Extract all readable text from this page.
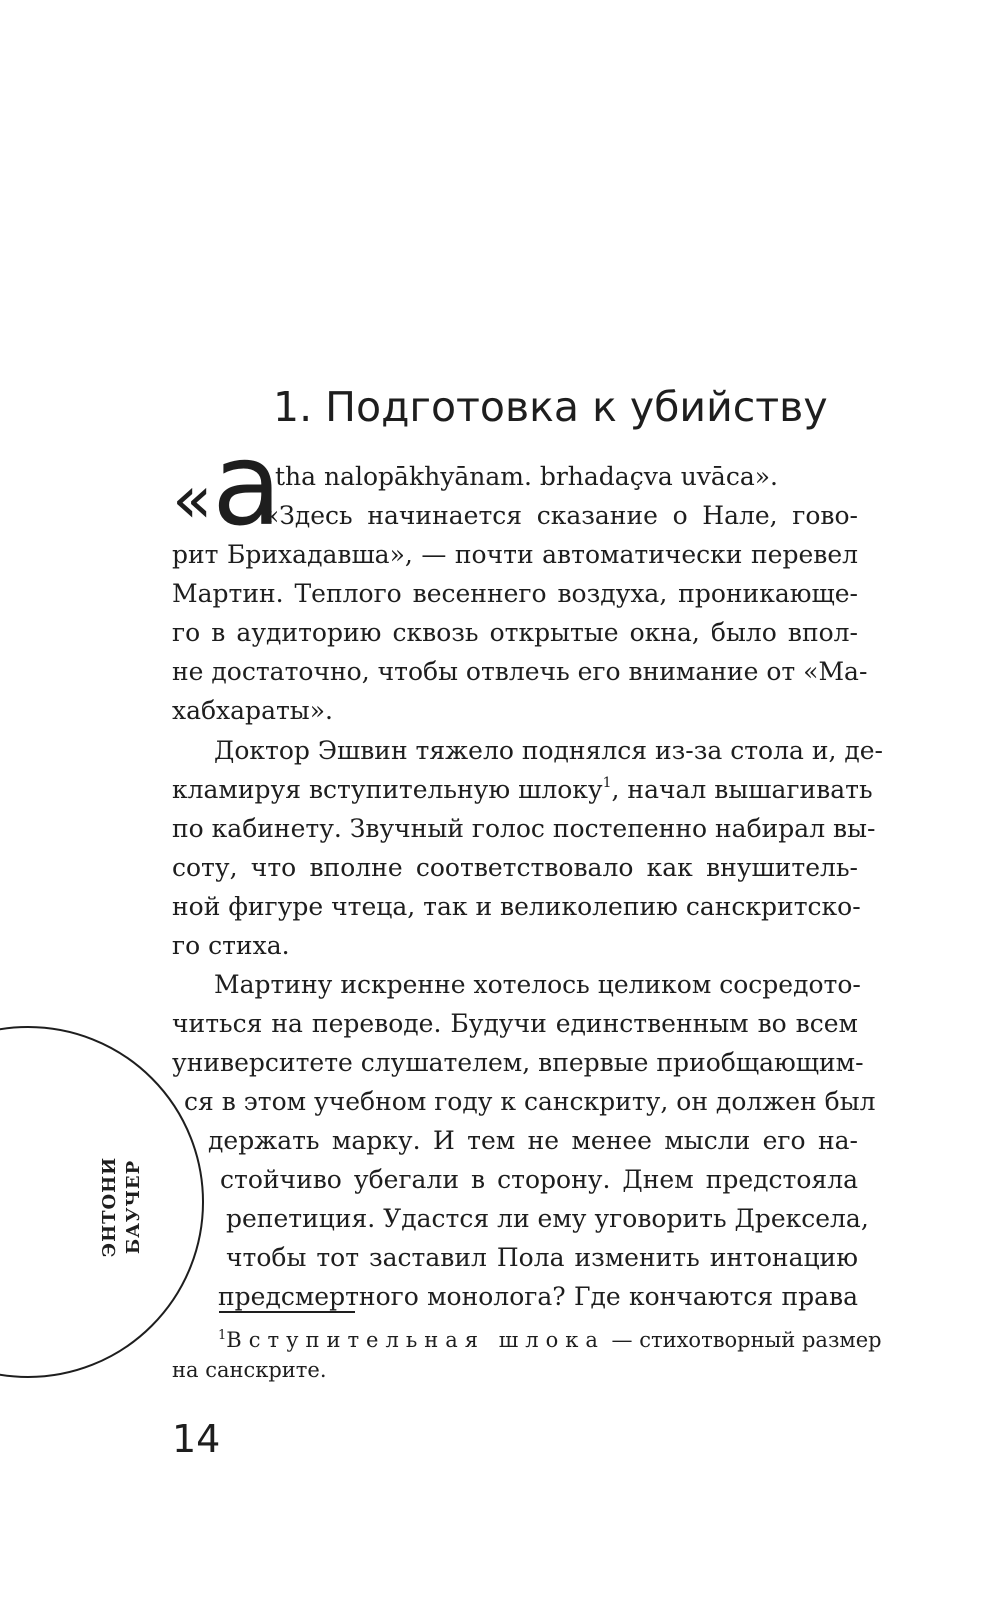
1. Подготовка к убийству
« a
tha nalopākhyānam. brhadaçva uvāca».
«Здесь начинается сказание о Нале, гово-
рит Брихадавша», — почти автоматически перевел
Мартин. Теплого весеннего воздуха, проникающе-
го в аудиторию сквозь открытые окна, было впол-
не достаточно, чтобы отвлечь его внимание от «Ма-
хабхараты».
Доктор Эшвин тяжело поднялся из-за стола и, де-
кламируя вступительную шлоку$^1$ , начал вышагивать
по кабинету. Звучный голос постепенно набирал вы-
соту, что вполне соответствовало как внушитель-
ной фигуре чтеца, так и великолепию санскритско-
го стиха.
Мартину искренне хотелось целиком сосредото-
читься на переводе. Будучи единственным во всем
университете слушателем, впервые приобщающим-
ся в этом учебном году к санскриту, он должен был
держать марку. И тем не менее мысли его на-
стойчиво убегали в сторону. Днем предстояла
репетиция. Удастся ли ему уговорить Дрексела,
чтобы тот заставил Пола изменить интонацию
предсмертного монолога? Где кончаются права
$^1$Вступительная шлока — стихотворный размер
на санскрите.
14
ЭНТОНИ БАУЧЕР
